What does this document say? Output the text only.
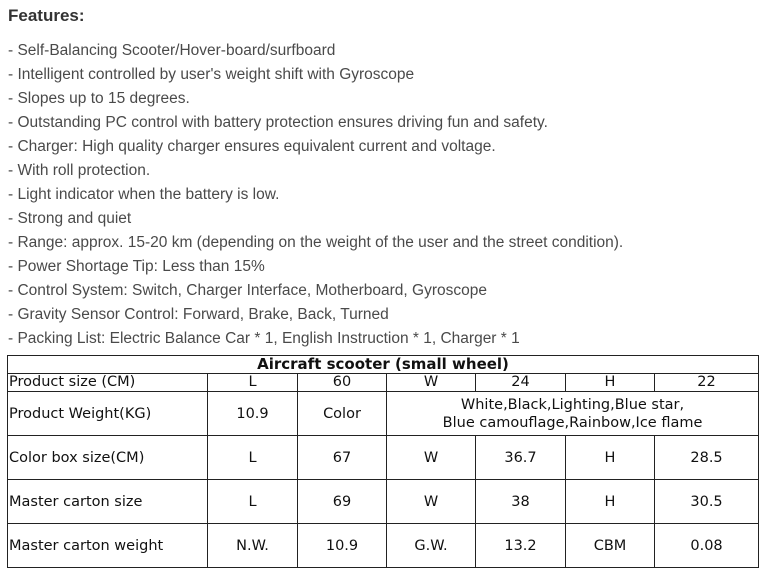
Features:
- Self-Balancing Scooter/Hover-board/surfboard
- Intelligent controlled by user's weight shift with Gyroscope
- Slopes up to 15 degrees.
- Outstanding PC control with battery protection ensures driving fun and safety.
- Charger: High quality charger ensures equivalent current and voltage.
- With roll protection.
- Light indicator when the battery is low.
- Strong and quiet
- Range: approx. 15-20 km (depending on the weight of the user and the street condition).
- Power Shortage Tip: Less than 15%
- Control System: Switch, Charger Interface, Motherboard, Gyroscope
- Gravity Sensor Control: Forward, Brake, Back, Turned
- Packing List: Electric Balance Car * 1, English Instruction * 1, Charger * 1
Aircraft scooter (small wheel)						
Product size (CM)	L	60	W	24	H	22
Product Weight(KG)	10.9	Color	White,Black,Lighting,Blue star,
Blue camouflage,Rainbow,Ice flame			

Color box size(CM)	L	67	W	36.7	H	28.5
Master carton size	L	69	W	38	H	30.5
Master carton weight	N.W.	10.9	G.W.	13.2	CBM	0.08
